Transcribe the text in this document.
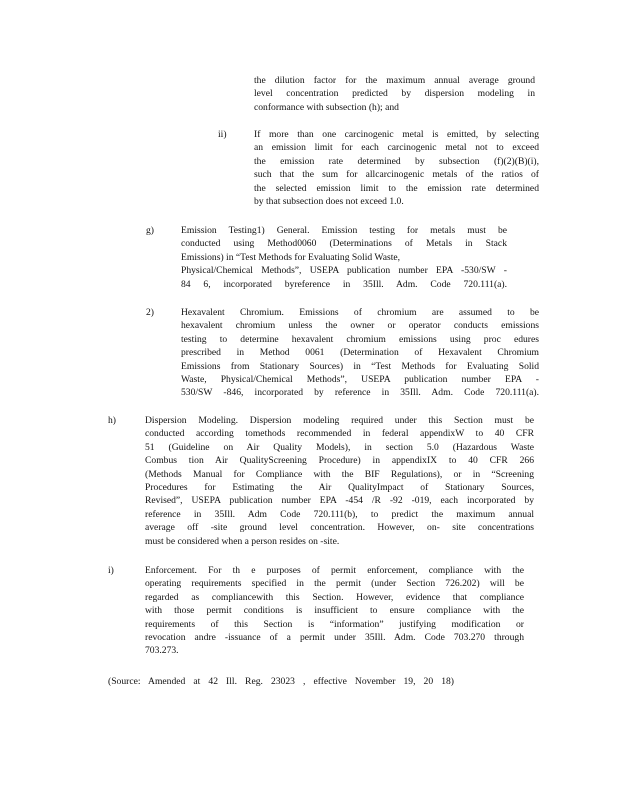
the dilution factor for the maximum annual average ground
level concentration predicted by dispersion modeling in
conformance with subsection (h); and
ii)	If more than one carcinogenic metal is emitted, by selecting
an emission limit for each carcinogenic metal not to exceed
the emission rate determined by subsection (f)(2)(B)(i),
such that the sum for allcarcinogenic metals of the ratios of
the selected emission limit to the emission rate determined
by that subsection does not exceed 1.0.
g)	Emission Testing1) General. Emission testing for metals must be
conducted using Method0060 (Determinations of Metals in Stack
Emissions) in “Test Methods for Evaluating Solid Waste,
Physical/Chemical Methods”, USEPA publication number EPA -530/SW -
84 6, incorporated byreference in 35Ill. Adm. Code 720.111(a).
2)	Hexavalent Chromium. Emissions of chromium are assumed to be
hexavalent chromium unless the owner or operator conducts emissions
testing to determine hexavalent chromium emissions using proc edures
prescribed in Method 0061 (Determination of Hexavalent Chromium
Emissions from Stationary Sources) in “Test Methods for Evaluating Solid
Waste, Physical/Chemical Methods”, USEPA publication number EPA -
530/SW -846, incorporated by reference in 35Ill. Adm. Code 720.111(a).
h)	Dispersion Modeling. Dispersion modeling required under this Section must be
conducted according tomethods recommended in federal appendixW to 40 CFR
51 (Guideline on Air Quality Models), in section 5.0 (Hazardous Waste
Combus tion Air QualityScreening Procedure) in appendixIX to 40 CFR 266
(Methods Manual for Compliance with the BIF Regulations), or in “Screening
Procedures for Estimating the Air QualityImpact of Stationary Sources,
Revised”, USEPA publication number EPA -454 /R -92 -019, each incorporated by
reference in 35Ill. Adm Code 720.111(b), to predict the maximum annual
average off -site ground level concentration. However, on- site concentrations
must be considered when a person resides on -site.
i)	Enforcement. For th e purposes of permit enforcement, compliance with the
operating requirements specified in the permit (under Section 726.202) will be
regarded as compliancewith this Section. However, evidence that compliance
with those permit conditions is insufficient to ensure compliance with the
requirements of this Section is “information” justifying modification or
revocation andre -issuance of a permit under 35Ill. Adm. Code 703.270 through
703.273.
(Source: Amended at 42 Ill. Reg. 23023 , effective November 19, 20 18)
